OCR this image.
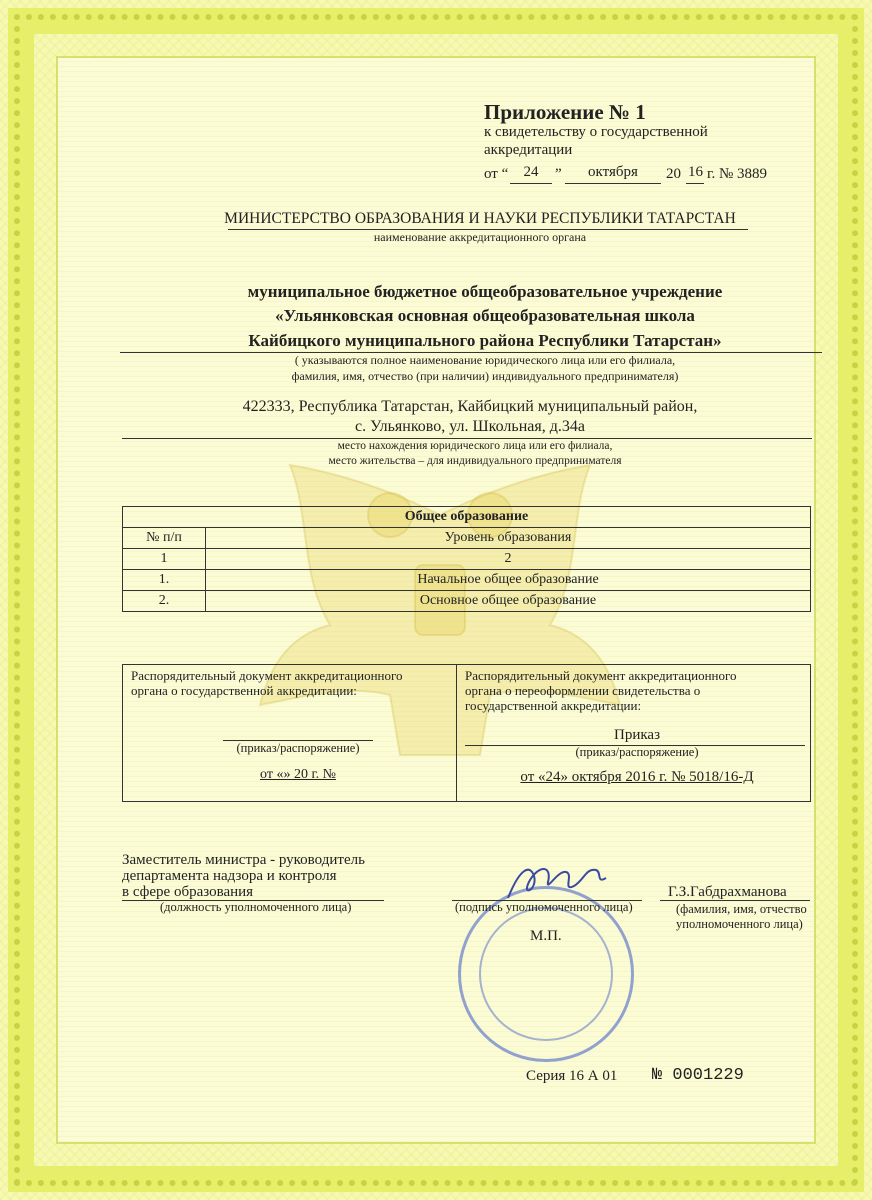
Приложение № 1
к свидетельству о государственной
аккредитации
от “	24	”	октября	20 16 г. № 3889
МИНИСТЕРСТВО ОБРАЗОВАНИЯ И НАУКИ РЕСПУБЛИКИ ТАТАРСТАН
наименование аккредитационного органа
муниципальное бюджетное общеобразовательное учреждение
«Ульянковская основная общеобразовательная школа
Кайбицкого муниципального района Республики Татарстан»
( указываются полное наименование юридического лица или его филиала,
фамилия, имя, отчество (при наличии) индивидуального предпринимателя)
422333, Республика Татарстан, Кайбицкий муниципальный район,
с. Ульянково, ул. Школьная, д.34а
место нахождения юридического лица или его филиала,
место жительства – для индивидуального предпринимателя
Общее образование	
№ п/п	Уровень образования
1	2
1.	Начальное общее образование
2.	Основное общее образование
Распорядительный документ аккредитационного
органа о государственной аккредитации:
(приказ/распоряжение)
от «» 20 г. №

Распорядительный документ аккредитационного
органа о переоформлении свидетельства о
государственной аккредитации:
Приказ
(приказ/распоряжение)
от «24» октября 2016 г. № 5018/16-Д
Заместитель министра - руководитель
департамента надзора и контроля
в сфере образования
(должность уполномоченного лица)	(подпись уполномоченного лица)
М.П.
Г.З.Габдрахманова
(фамилия, имя, отчество
уполномоченного лица)
Серия 16 А 01 № 0001229
